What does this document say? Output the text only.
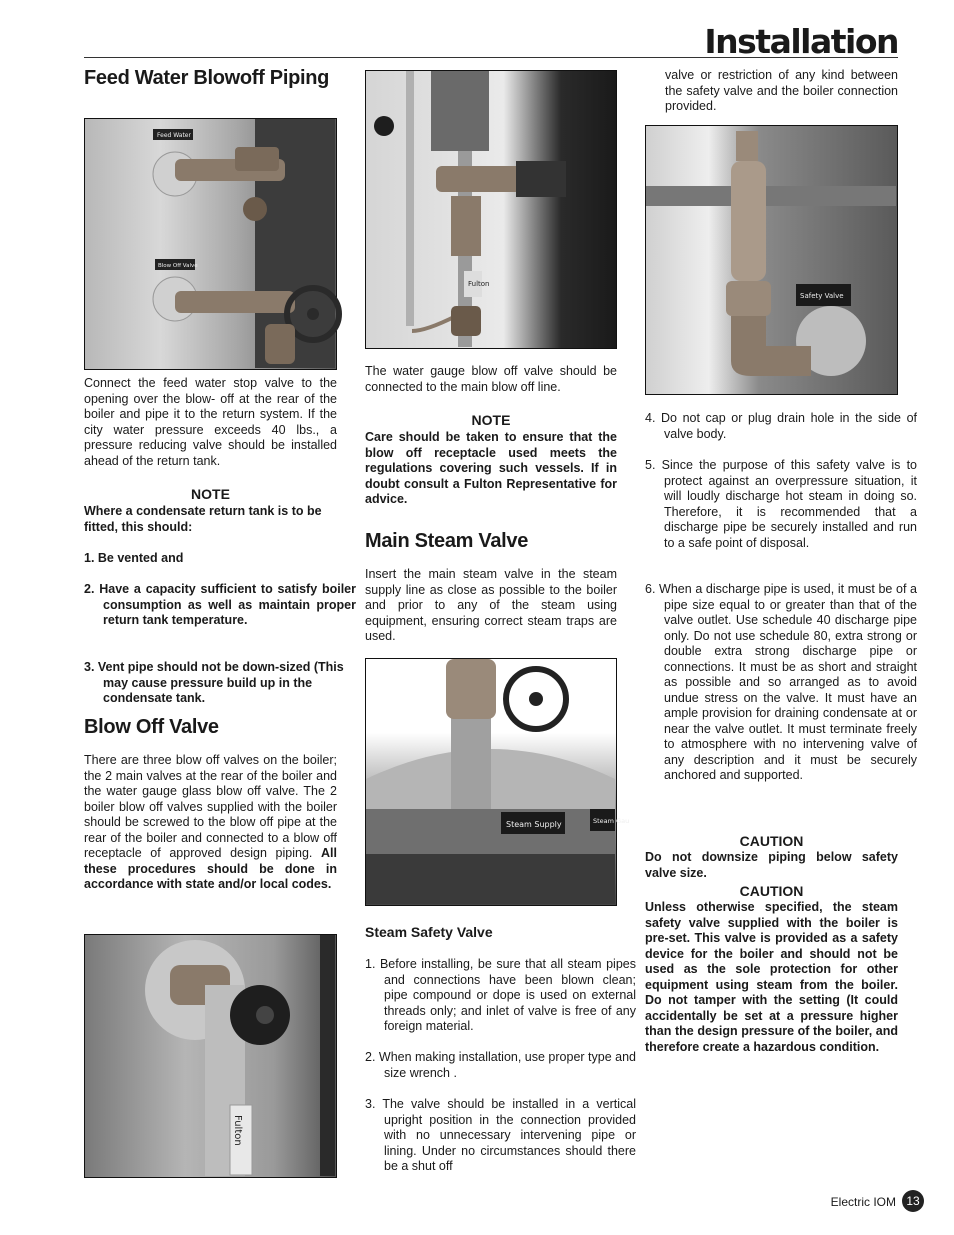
Installation
Feed Water Blowoff Piping
Feed Water
Blow Off Valve
Connect the feed water stop valve to the opening over the blow- off at the rear of the boiler and pipe it to the return system. If the city water pressure exceeds 40 lbs., a pressure reducing valve should be installed ahead of the return tank.
NOTE
Where a condensate return tank is to be fitted, this should:
1. Be vented and
2. Have a capacity sufficient to satisfy boiler consumption as well as maintain proper return tank temperature.
3. Vent pipe should not be down-sized (This may cause pressure build up in the condensate tank.
Blow Off Valve
There are three blow off valves on the boiler; the 2 main valves at the rear of the boiler and the water gauge glass blow off valve. The 2 boiler blow off valves supplied with the boiler should be screwed to the blow off pipe at the rear of the boiler and connected to a blow off receptacle of approved design piping. All these procedures should be done in accordance with state and/or local codes.
Fulton
Fulton
The water gauge blow off valve should be connected to the main blow off line.
NOTE
Care should be taken to ensure that the blow off receptacle used meets the regulations covering such vessels. If in doubt consult a Fulton Representative for advice.
Main Steam Valve
Insert the main steam valve in the steam supply line as close as possible to the boiler and prior to any of the steam using equipment, ensuring correct steam traps are used.
Steam Supply	Steam Gau
Steam Safety Valve
1. Before installing, be sure that all steam pipes and connections have been blown clean; pipe compound or dope is used on external threads only; and inlet of valve is free of any foreign material.
2. When making installation, use proper type and size wrench .
3. The valve should be installed in a vertical upright position in the connection provided with no unnecessary intervening pipe or lining. Under no circumstances should there be a shut off
valve or restriction of any kind between the safety valve and the boiler connection provided.
Safety Valve
4. Do not cap or plug drain hole in the side of valve body.
5. Since the purpose of this safety valve is to protect against an overpressure situation, it will loudly discharge hot steam in doing so. Therefore, it is recommended that a discharge pipe be securely installed and run to a safe point of disposal.
6. When a discharge pipe is used, it must be of a pipe size equal to or greater than that of the valve outlet. Use schedule 40 discharge pipe only. Do not use schedule 80, extra strong or double extra strong discharge pipe or connections. It must be as short and straight as possible and so arranged as to avoid undue stress on the valve. It must have an ample provision for draining condensate at or near the valve outlet. It must terminate freely to atmosphere with no intervening valve of any description and it must be securely anchored and supported.
CAUTION
Do not downsize piping below safety valve size.
CAUTION
Unless otherwise specified, the steam safety valve supplied with the boiler is pre-set. This valve is provided as a safety device for the boiler and should not be used as the sole protection for other equipment using steam from the boiler. Do not tamper with the setting (It could accidentally be set at a pressure higher than the design pressure of the boiler, and therefore create a hazardous condition.
Electric IOM 13
